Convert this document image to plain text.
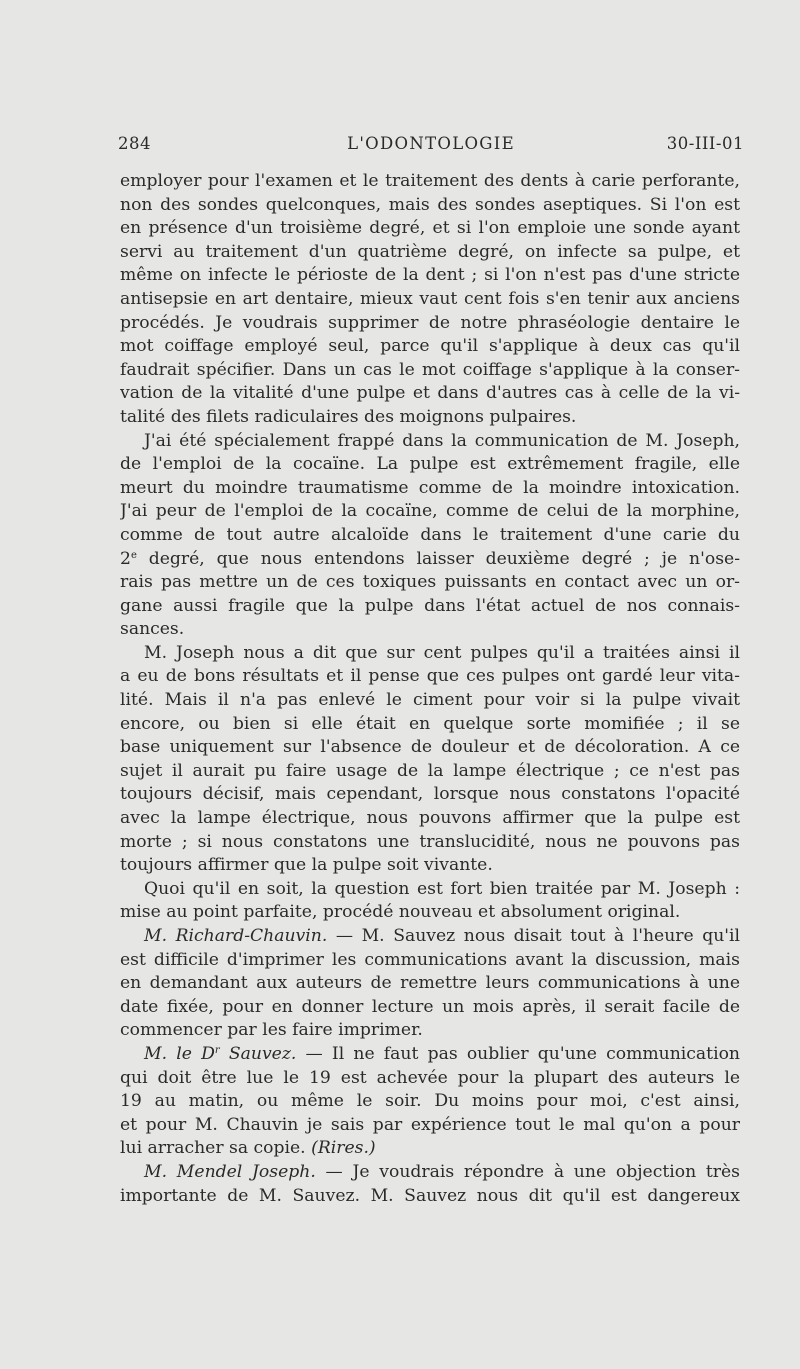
284	L'ODONTOLOGIE	30-III-01
employer pour l'examen et le traitement des dents à carie perforante,
non des sondes quelconques, mais des sondes aseptiques. Si l'on est
en présence d'un troisième degré, et si l'on emploie une sonde ayant
servi au traitement d'un quatrième degré, on infecte sa pulpe, et
même on infecte le périoste de la dent ; si l'on n'est pas d'une stricte
antisepsie en art dentaire, mieux vaut cent fois s'en tenir aux anciens
procédés. Je voudrais supprimer de notre phraséologie dentaire le
mot coiffage employé seul, parce qu'il s'applique à deux cas qu'il
faudrait spécifier. Dans un cas le mot coiffage s'applique à la conser-
vation de la vitalité d'une pulpe et dans d'autres cas à celle de la vi-
talité des filets radiculaires des moignons pulpaires.
J'ai été spécialement frappé dans la communication de M. Joseph,
de l'emploi de la cocaïne. La pulpe est extrêmement fragile, elle
meurt du moindre traumatisme comme de la moindre intoxication.
J'ai peur de l'emploi de la cocaïne, comme de celui de la morphine,
comme de tout autre alcaloïde dans le traitement d'une carie du
2e degré, que nous entendons laisser deuxième degré ; je n'ose-
rais pas mettre un de ces toxiques puissants en contact avec un or-
gane aussi fragile que la pulpe dans l'état actuel de nos connais-
sances.
M. Joseph nous a dit que sur cent pulpes qu'il a traitées ainsi il
a eu de bons résultats et il pense que ces pulpes ont gardé leur vita-
lité. Mais il n'a pas enlevé le ciment pour voir si la pulpe vivait
encore, ou bien si elle était en quelque sorte momifiée ; il se
base uniquement sur l'absence de douleur et de décoloration. A ce
sujet il aurait pu faire usage de la lampe électrique ; ce n'est pas
toujours décisif, mais cependant, lorsque nous constatons l'opacité
avec la lampe électrique, nous pouvons affirmer que la pulpe est
morte ; si nous constatons une translucidité, nous ne pouvons pas
toujours affirmer que la pulpe soit vivante.
Quoi qu'il en soit, la question est fort bien traitée par M. Joseph :
mise au point parfaite, procédé nouveau et absolument original.
M. Richard-Chauvin. — M. Sauvez nous disait tout à l'heure qu'il
est difficile d'imprimer les communications avant la discussion, mais
en demandant aux auteurs de remettre leurs communications à une
date fixée, pour en donner lecture un mois après, il serait facile de
commencer par les faire imprimer.
M. le $D^r$ Sauvez. — Il ne faut pas oublier qu'une communication
qui doit être lue le 19 est achevée pour la plupart des auteurs le
19 au matin, ou même le soir. Du moins pour moi, c'est ainsi,
et pour M. Chauvin je sais par expérience tout le mal qu'on a pour
lui arracher sa copie. (Rires.)
M. Mendel Joseph. — Je voudrais répondre à une objection très
importante de M. Sauvez. M. Sauvez nous dit qu'il est dangereux
